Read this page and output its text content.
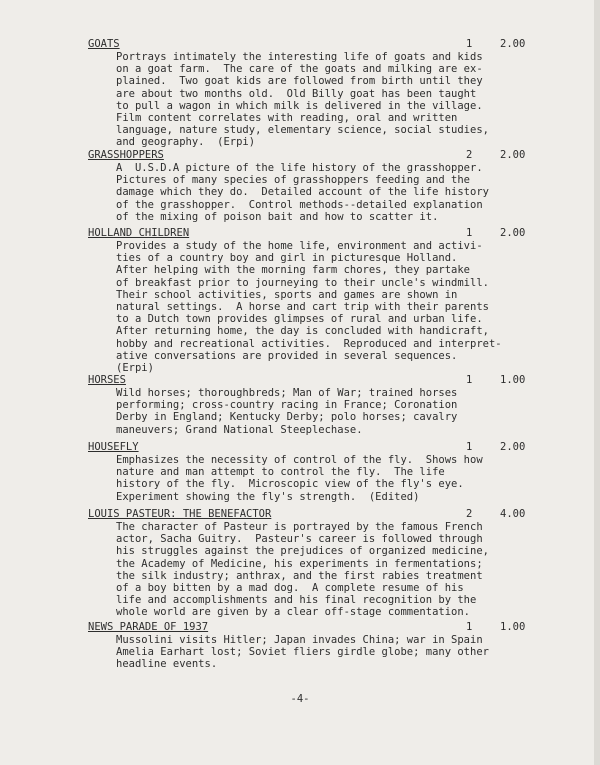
GOATS	1	2.00
Portrays intimately the interesting life of goats and kids
on a goat farm.  The care of the goats and milking are ex-
plained.  Two goat kids are followed from birth until they
are about two months old.  Old Billy goat has been taught
to pull a wagon in which milk is delivered in the village.
Film content correlates with reading, oral and written
language, nature study, elementary science, social studies,
and geography.  (Erpi)
GRASSHOPPERS	2	2.00
A  U.S.D.A picture of the life history of the grasshopper.
Pictures of many species of grasshoppers feeding and the
damage which they do.  Detailed account of the life history
of the grasshopper.  Control methods--detailed explanation
of the mixing of poison bait and how to scatter it.
HOLLAND CHILDREN	1	2.00
Provides a study of the home life, environment and activi-
ties of a country boy and girl in picturesque Holland.
After helping with the morning farm chores, they partake
of breakfast prior to journeying to their uncle's windmill.
Their school activities, sports and games are shown in
natural settings.  A horse and cart trip with their parents
to a Dutch town provides glimpses of rural and urban life.
After returning home, the day is concluded with handicraft,
hobby and recreational activities.  Reproduced and interpret-
ative conversations are provided in several sequences.
(Erpi)
HORSES	1	1.00
Wild horses; thoroughbreds; Man of War; trained horses
performing; cross-country racing in France; Coronation
Derby in England; Kentucky Derby; polo horses; cavalry
maneuvers; Grand National Steeplechase.
HOUSEFLY	1	2.00
Emphasizes the necessity of control of the fly.  Shows how
nature and man attempt to control the fly.  The life
history of the fly.  Microscopic view of the fly's eye.
Experiment showing the fly's strength.  (Edited)
LOUIS PASTEUR: THE BENEFACTOR	2	4.00
The character of Pasteur is portrayed by the famous French
actor, Sacha Guitry.  Pasteur's career is followed through
his struggles against the prejudices of organized medicine,
the Academy of Medicine, his experiments in fermentations;
the silk industry; anthrax, and the first rabies treatment
of a boy bitten by a mad dog.  A complete resume of his
life and accomplishments and his final recognition by the
whole world are given by a clear off-stage commentation.
NEWS PARADE OF 1937	1	1.00
Mussolini visits Hitler; Japan invades China; war in Spain
Amelia Earhart lost; Soviet fliers girdle globe; many other
headline events.
-4-
